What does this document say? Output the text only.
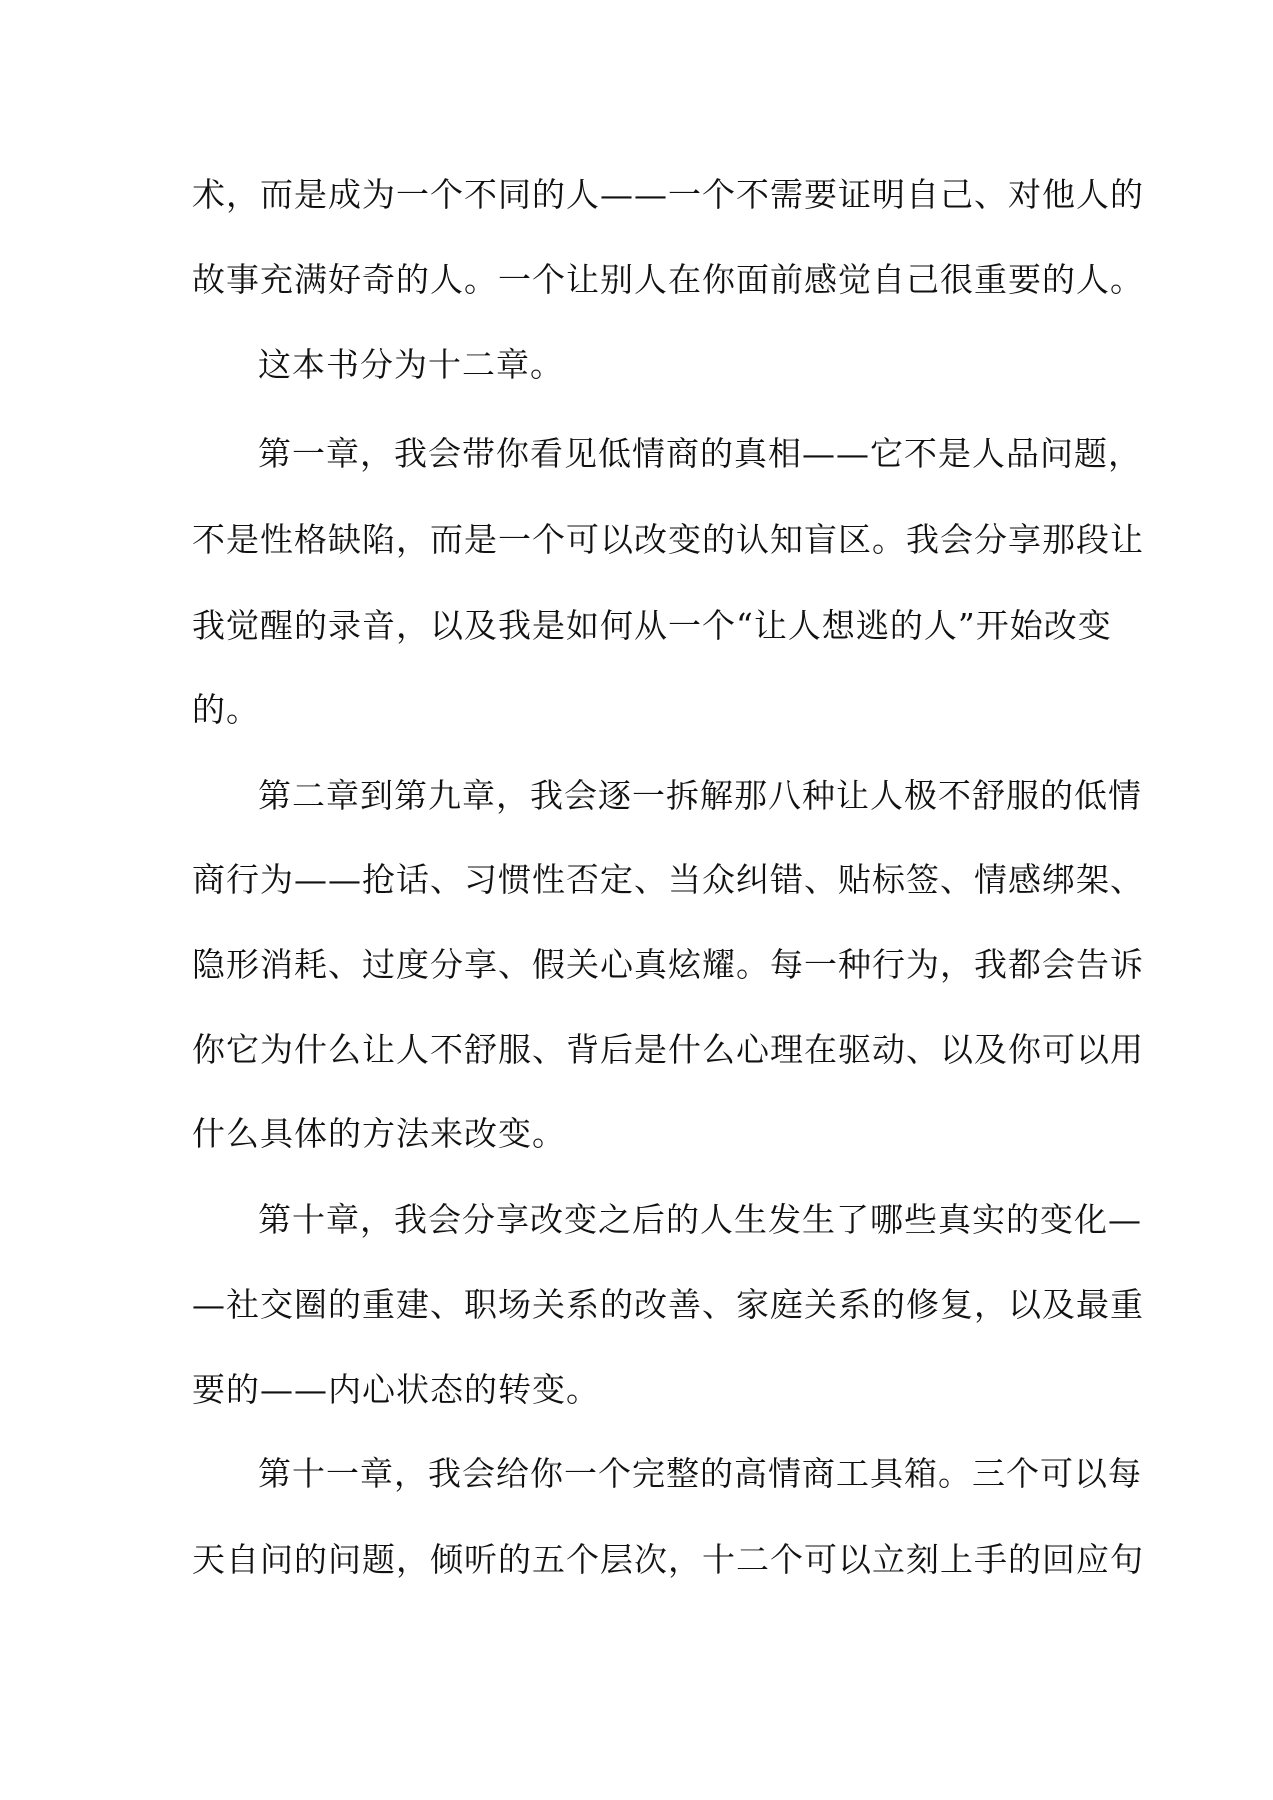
术，而是成为一个不同的人——一个不需要证明自己、对他人的
故事充满好奇的人。一个让别人在你面前感觉自己很重要的人。
这本书分为十二章。
第一章，我会带你看见低情商的真相——它不是人品问题，
不是性格缺陷，而是一个可以改变的认知盲区。我会分享那段让
我觉醒的录音，以及我是如何从一个“让人想逃的人”开始改变
的。
第二章到第九章，我会逐一拆解那八种让人极不舒服的低情
商行为——抢话、习惯性否定、当众纠错、贴标签、情感绑架、
隐形消耗、过度分享、假关心真炫耀。每一种行为，我都会告诉
你它为什么让人不舒服、背后是什么心理在驱动、以及你可以用
什么具体的方法来改变。
第十章，我会分享改变之后的人生发生了哪些真实的变化—
—社交圈的重建、职场关系的改善、家庭关系的修复，以及最重
要的——内心状态的转变。
第十一章，我会给你一个完整的高情商工具箱。三个可以每
天自问的问题，倾听的五个层次，十二个可以立刻上手的回应句
